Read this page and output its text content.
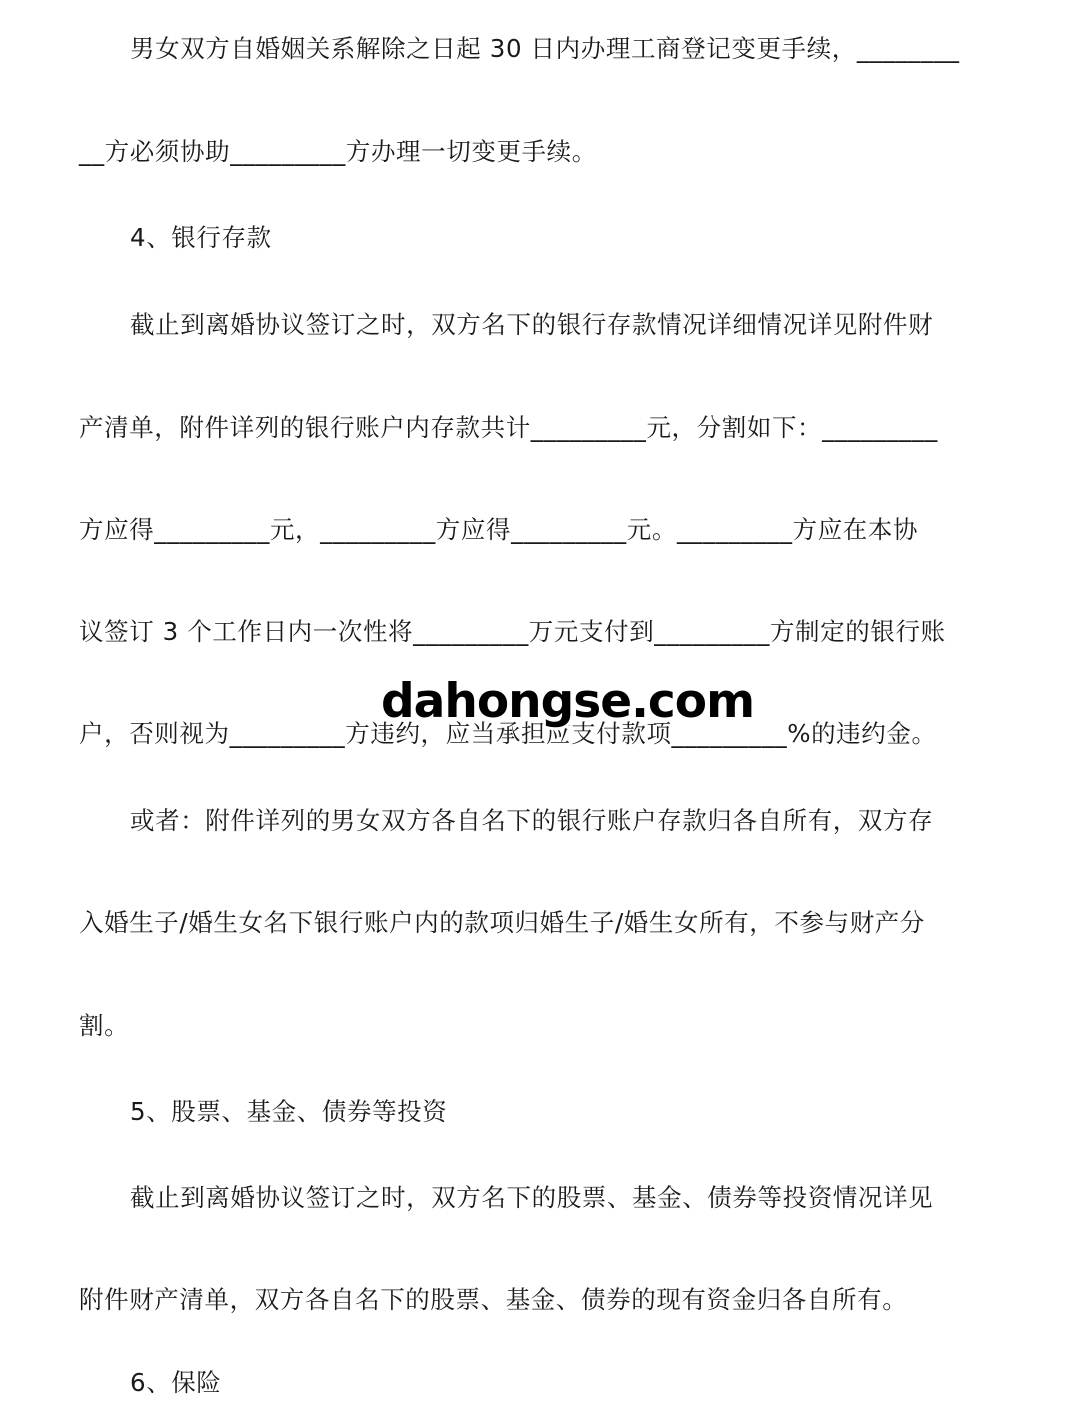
男女双方自婚姻关系解除之日起 30 日内办理工商登记变更手续，________
__方必须协助_________方办理一切变更手续。
4、银行存款
截止到离婚协议签订之时，双方名下的银行存款情况详细情况详见附件财
产清单，附件详列的银行账户内存款共计_________元，分割如下：_________
方应得_________元，_________方应得_________元。_________方应在本协
议签订 3 个工作日内一次性将_________万元支付到_________方制定的银行账
户，否则视为_________方违约，应当承担应支付款项_________%的违约金。
或者：附件详列的男女双方各自名下的银行账户存款归各自所有，双方存
入婚生子/婚生女名下银行账户内的款项归婚生子/婚生女所有，不参与财产分
割。
5、股票、基金、债券等投资
截止到离婚协议签订之时，双方名下的股票、基金、债券等投资情况详见
附件财产清单，双方各自名下的股票、基金、债券的现有资金归各自所有。
6、保险
dahongse.com
